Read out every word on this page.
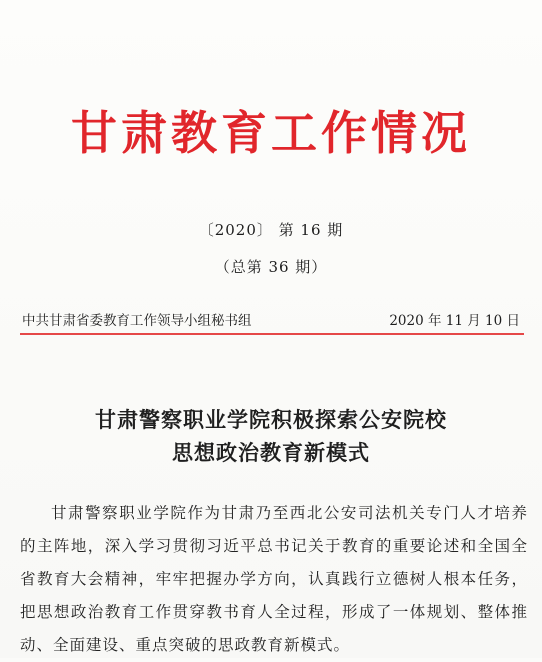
甘肃教育工作情况
〔2020〕 第 16 期
（总第 36 期）
中共甘肃省委教育工作领导小组秘书组	2020 年 11 月 10 日
甘肃警察职业学院积极探索公安院校
思想政治教育新模式

甘肃警察职业学院作为甘肃乃至西北公安司法机关专门人才培养的主阵地，深入学习贯彻习近平总书记关于教育的重要论述和全国全省教育大会精神，牢牢把握办学方向，认真践行立德树人根本任务，把思想政治教育工作贯穿教书育人全过程，形成了一体规划、整体推动、全面建设、重点突破的思政教育新模式。
